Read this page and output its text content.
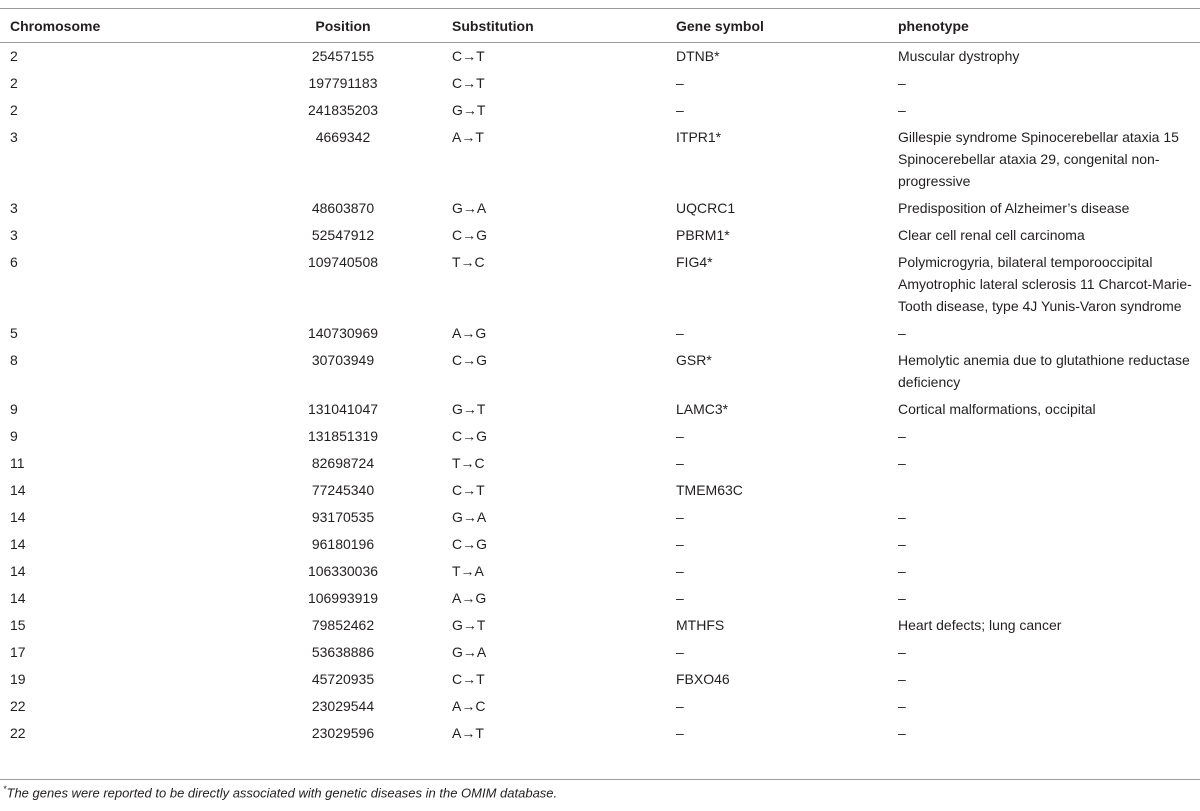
Chromosome	Position	Substitution	Gene symbol	phenotype
2	25457155	C→T	DTNB*	Muscular dystrophy
2	197791183	C→T	–	–
2	241835203	G→T	–	–
3	4669342	A→T	ITPR1*	Gillespie syndrome Spinocerebellar ataxia 15 Spinocerebellar ataxia 29, congenital non-progressive
3	48603870	G→A	UQCRC1	Predisposition of Alzheimer’s disease
3	52547912	C→G	PBRM1*	Clear cell renal cell carcinoma
6	109740508	T→C	FIG4*	Polymicrogyria, bilateral temporooccipital Amyotrophic lateral sclerosis 11 Charcot-Marie-Tooth disease, type 4J Yunis-Varon syndrome
5	140730969	A→G	–	–
8	30703949	C→G	GSR*	Hemolytic anemia due to glutathione reductase deficiency
9	131041047	G→T	LAMC3*	Cortical malformations, occipital
9	131851319	C→G	–	–
11	82698724	T→C	–	–
14	77245340	C→T	TMEM63C	
14	93170535	G→A	–	–
14	96180196	C→G	–	–
14	106330036	T→A	–	–
14	106993919	A→G	–	–
15	79852462	G→T	MTHFS	Heart defects; lung cancer
17	53638886	G→A	–	–
19	45720935	C→T	FBXO46	–
22	23029544	A→C	–	–
22	23029596	A→T	–	–
*The genes were reported to be directly associated with genetic diseases in the OMIM database.
